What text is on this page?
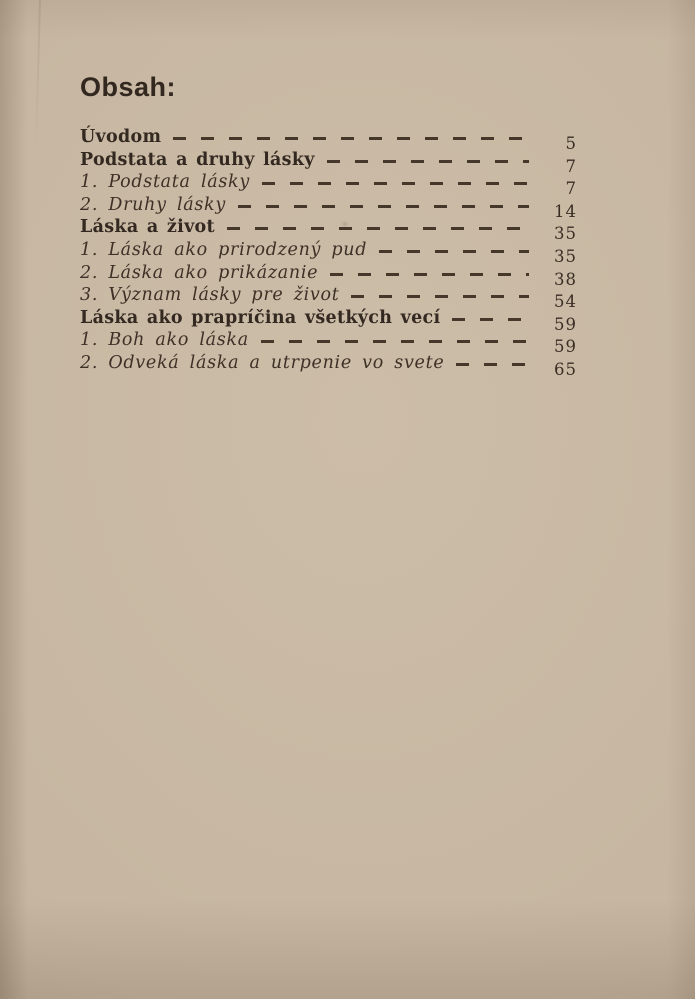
Obsah:
Úvodom	5
Podstata a druhy lásky	7
1. Podstata lásky	7
2. Druhy lásky	14
Láska a život	35
1. Láska ako prirodzený pud	35
2. Láska ako prikázanie	38
3. Význam lásky pre život	54
Láska ako prapríčina všetkých vecí	59
1. Boh ako láska	59
2. Odveká láska a utrpenie vo svete	65
